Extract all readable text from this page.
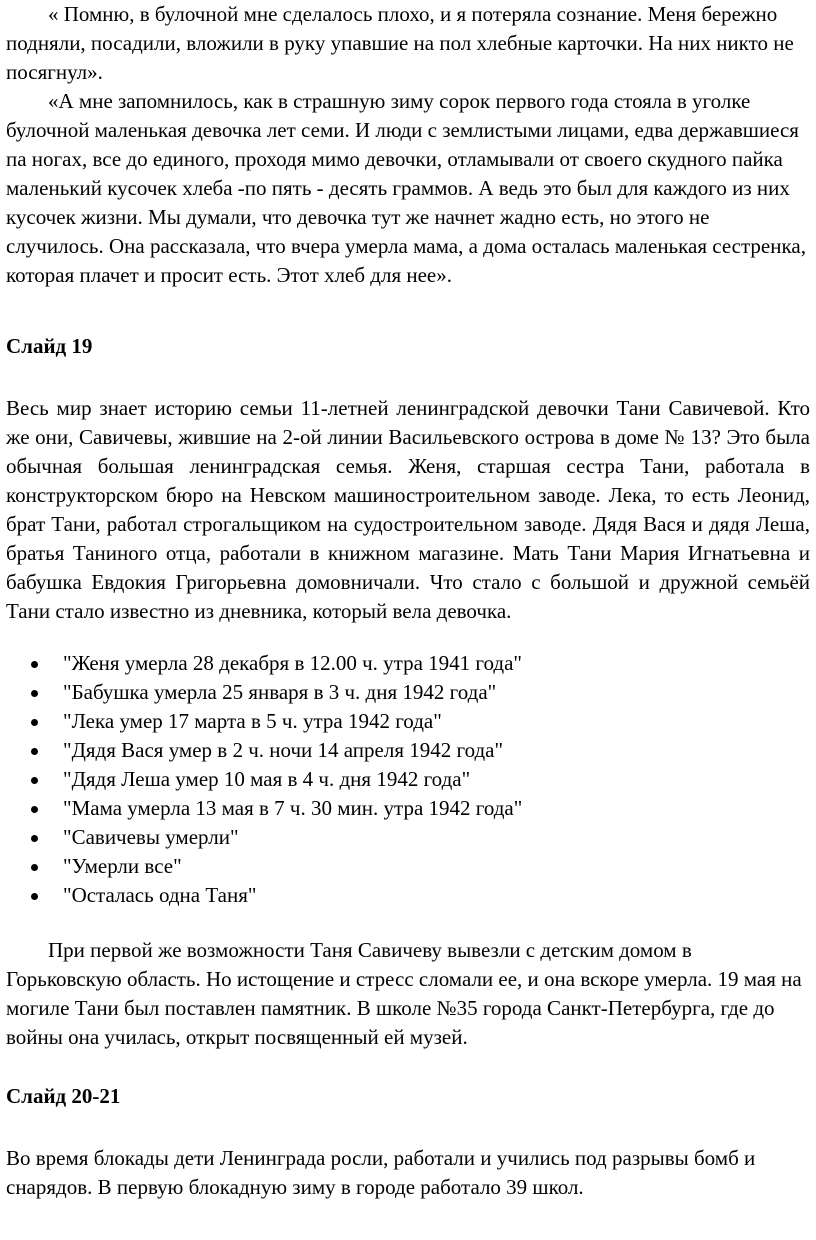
« Помню, в булочной мне сделалось плохо, и я потеряла сознание. Меня бережно подняли, посадили, вложили в руку упавшие на пол хлебные карточки. На них никто не посягнул».

«А мне запомнилось, как в страшную зиму сорок первого года стояла в уголке булочной маленькая девочка лет семи. И люди с землистыми лицами, едва державшиеся па ногах, все до единого, проходя мимо девочки, отламывали от своего скудного пайка маленький кусочек хлеба -по пять - десять граммов. А ведь это был для каждого из них кусочек жизни. Мы думали, что девочка тут же начнет жадно есть, но этого не случилось. Она рассказала, что вчера умерла мама, а дома осталась маленькая сестренка, которая плачет и просит есть. Этот хлеб для нее».

Слайд 19

Весь мир знает историю семьи 11-летней ленинградской девочки Тани Савичевой. Кто же они, Савичевы, жившие на 2-ой линии Васильевского острова в доме № 13? Это была обычная большая ленинградская семья. Женя, старшая сестра Тани, работала в конструкторском бюро на Невском машиностроительном заводе. Лека, то есть Леонид, брат Тани, работал строгальщиком на судостроительном заводе. Дядя Вася и дядя Леша, братья Таниного отца, работали в книжном магазине. Мать Тани Мария Игнатьевна и бабушка Евдокия Григорьевна домовничали. Что стало с большой и дружной семьёй Тани стало известно из дневника, который вела девочка.

"Женя умерла 28 декабря в 12.00 ч. утра 1941 года"
"Бабушка умерла 25 января в 3 ч. дня 1942 года"
"Лека умер 17 марта в 5 ч. утра 1942 года"
"Дядя Вася умер в 2 ч. ночи 14 апреля 1942 года"
"Дядя Леша умер 10 мая в 4 ч. дня 1942 года"
"Мама умерла 13 мая в 7 ч. 30 мин. утра 1942 года"
"Савичевы умерли"
"Умерли все"
"Осталась одна Таня"

При первой же возможности Таня Савичеву вывезли с детским домом в Горьковскую область. Но истощение и стресс сломали ее, и она вскоре умерла. 19 мая на могиле Тани был поставлен памятник. В школе №35 города Санкт-Петербурга, где до войны она училась, открыт посвященный ей музей.

Слайд 20-21

Во время блокады дети Ленинграда росли, работали и учились под разрывы бомб и снарядов. В первую блокадную зиму в городе работало 39 школ.
